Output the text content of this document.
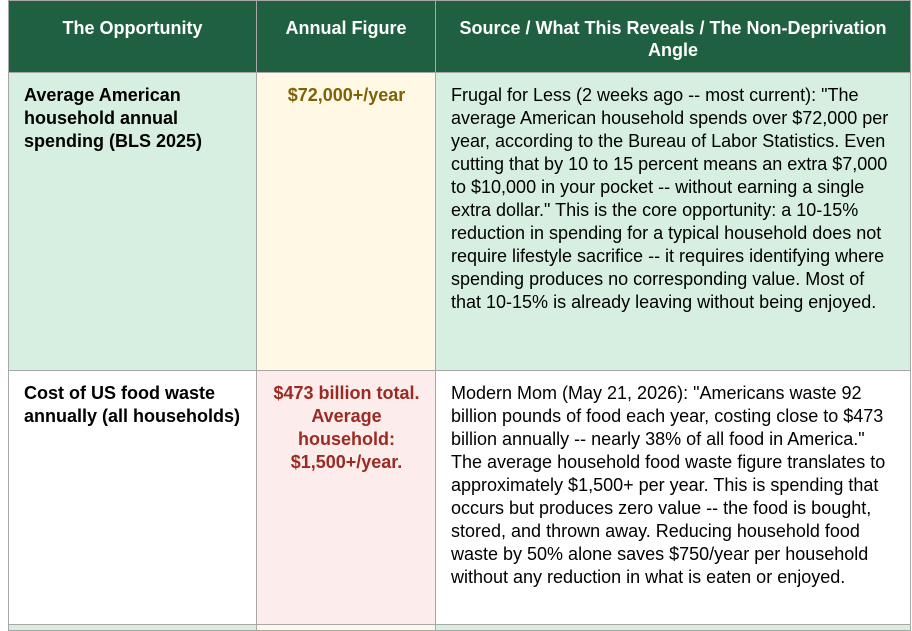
The Opportunity	Annual Figure	Source / What This Reveals / The Non-Deprivation Angle
Average American household annual spending (BLS 2025)	$72,000+/year	Frugal for Less (2 weeks ago -- most current): "The average American household spends over $72,000 per year, according to the Bureau of Labor Statistics. Even cutting that by 10 to 15 percent means an extra $7,000 to $10,000 in your pocket -- without earning a single extra dollar." This is the core opportunity: a 10-15% reduction in spending for a typical household does not require lifestyle sacrifice -- it requires identifying where spending produces no corresponding value. Most of that 10-15% is already leaving without being enjoyed.
Cost of US food waste annually (all households)	$473 billion total. Average household: $1,500+/year.	Modern Mom (May 21, 2026): "Americans waste 92 billion pounds of food each year, costing close to $473 billion annually -- nearly 38% of all food in America." The average household food waste figure translates to approximately $1,500+ per year. This is spending that occurs but produces zero value -- the food is bought, stored, and thrown away. Reducing household food waste by 50% alone saves $750/year per household without any reduction in what is eaten or enjoyed.
